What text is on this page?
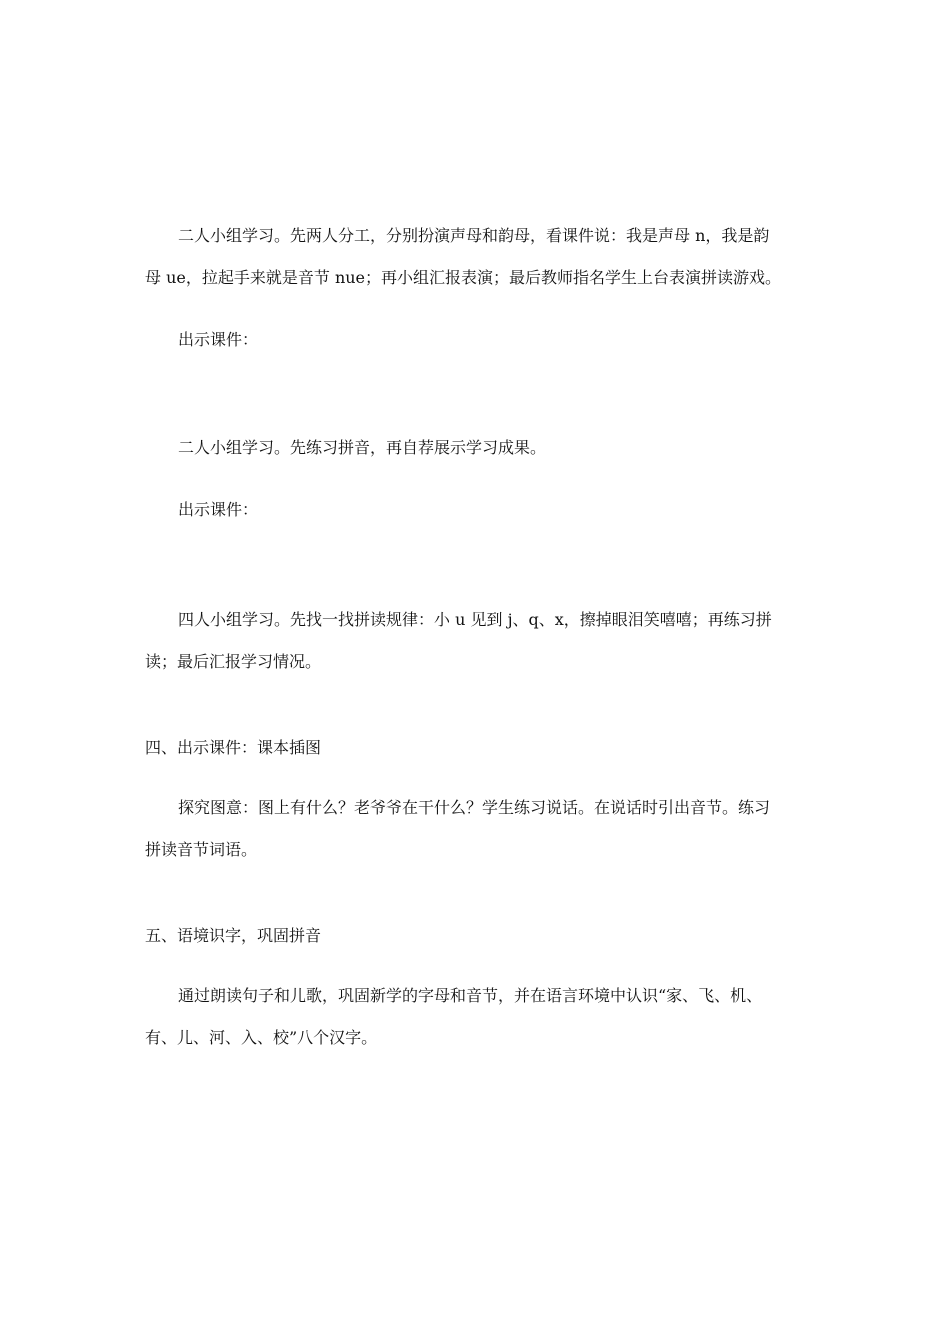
二人小组学习。先两人分工，分别扮演声母和韵母，看课件说：我是声母 n，我是韵
母 ue，拉起手来就是音节 nue；再小组汇报表演；最后教师指名学生上台表演拼读游戏。
出示课件：
二人小组学习。先练习拼音，再自荐展示学习成果。
出示课件：
四人小组学习。先找一找拼读规律：小 u 见到 j、q、x，擦掉眼泪笑嘻嘻；再练习拼
读；最后汇报学习情况。
四、出示课件：课本插图
探究图意：图上有什么？老爷爷在干什么？学生练习说话。在说话时引出音节。练习
拼读音节词语。
五、语境识字，巩固拼音
通过朗读句子和儿歌，巩固新学的字母和音节，并在语言环境中认识“家、飞、机、
有、儿、河、入、校”八个汉字。
